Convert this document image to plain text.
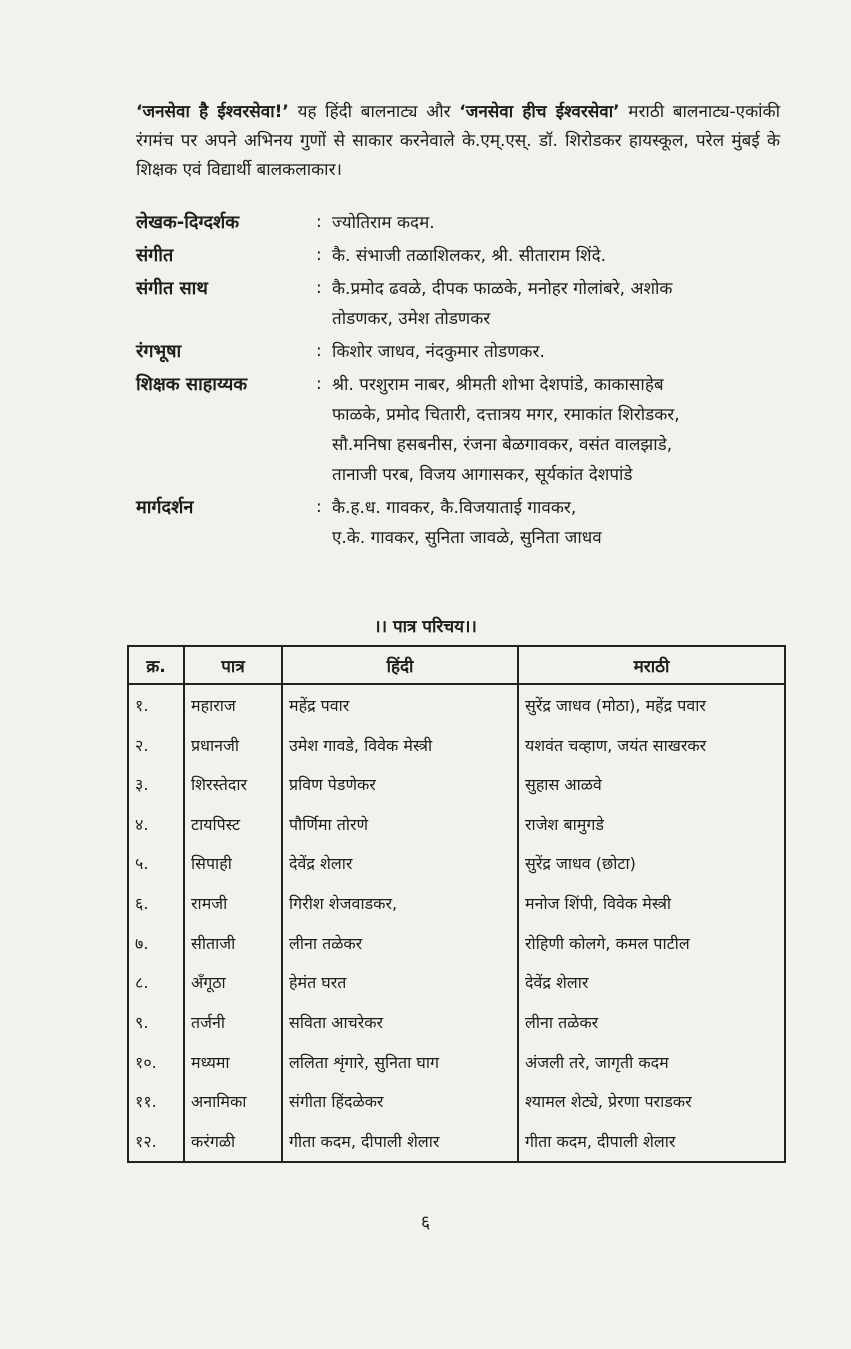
‘जनसेवा है ईश्वरसेवा!’ यह हिंदी बालनाट्य और ‘जनसेवा हीच ईश्वरसेवा’ मराठी बालनाट्य-एकांकी रंगमंच पर अपने अभिनय गुणों से साकार करनेवाले के.एम्.एस्. डॉ. शिरोडकर हायस्कूल, परेल मुंबई के शिक्षक एवं विद्यार्थी बालकलाकार।

लेखक-दिग्दर्शक	: ज्योतिराम कदम.
संगीत	: कै. संभाजी तळाशिलकर, श्री. सीताराम शिंदे.
संगीत साथ	: कै.प्रमोद ढवळे, दीपक फाळके, मनोहर गोलांबरे, अशोक
तोडणकर, उमेश तोडणकर
रंगभूषा	: किशोर जाधव, नंदकुमार तोडणकर.
शिक्षक साहाय्यक	: श्री. परशुराम नाबर, श्रीमती शोभा देशपांडे, काकासाहेब
फाळके, प्रमोद चितारी, दत्तात्रय मगर, रमाकांत शिरोडकर,
सौ.मनिषा हसबनीस, रंजना बेळगावकर, वसंत वालझाडे,
तानाजी परब, विजय आगासकर, सूर्यकांत देशपांडे
मार्गदर्शन	: कै.ह.ध. गावकर, कै.विजयाताई गावकर,
ए.के. गावकर, सुनिता जावळे, सुनिता जाधव
।। पात्र परिचय।।
क्र.	पात्र	हिंदी	मराठी
१.	महाराज	महेंद्र पवार	सुरेंद्र जाधव (मोठा), महेंद्र पवार
२.	प्रधानजी	उमेश गावडे, विवेक मेस्त्री	यशवंत चव्हाण, जयंत साखरकर
३.	शिरस्तेदार	प्रविण पेडणेकर	सुहास आळवे
४.	टायपिस्ट	पौर्णिमा तोरणे	राजेश बामुगडे
५.	सिपाही	देवेंद्र शेलार	सुरेंद्र जाधव (छोटा)
६.	रामजी	गिरीश शेजवाडकर,	मनोज शिंपी, विवेक मेस्त्री
७.	सीताजी	लीना तळेकर	रोहिणी कोलगे, कमल पाटील
८.	अँगूठा	हेमंत घरत	देवेंद्र शेलार
९.	तर्जनी	सविता आचरेकर	लीना तळेकर
१०.	मध्यमा	ललिता शृंगारे, सुनिता घाग	अंजली तरे, जागृती कदम
११.	अनामिका	संगीता हिंदळेकर	श्यामल शेट्ये, प्रेरणा पराडकर
१२.	करंगळी	गीता कदम, दीपाली शेलार	गीता कदम, दीपाली शेलार
६
